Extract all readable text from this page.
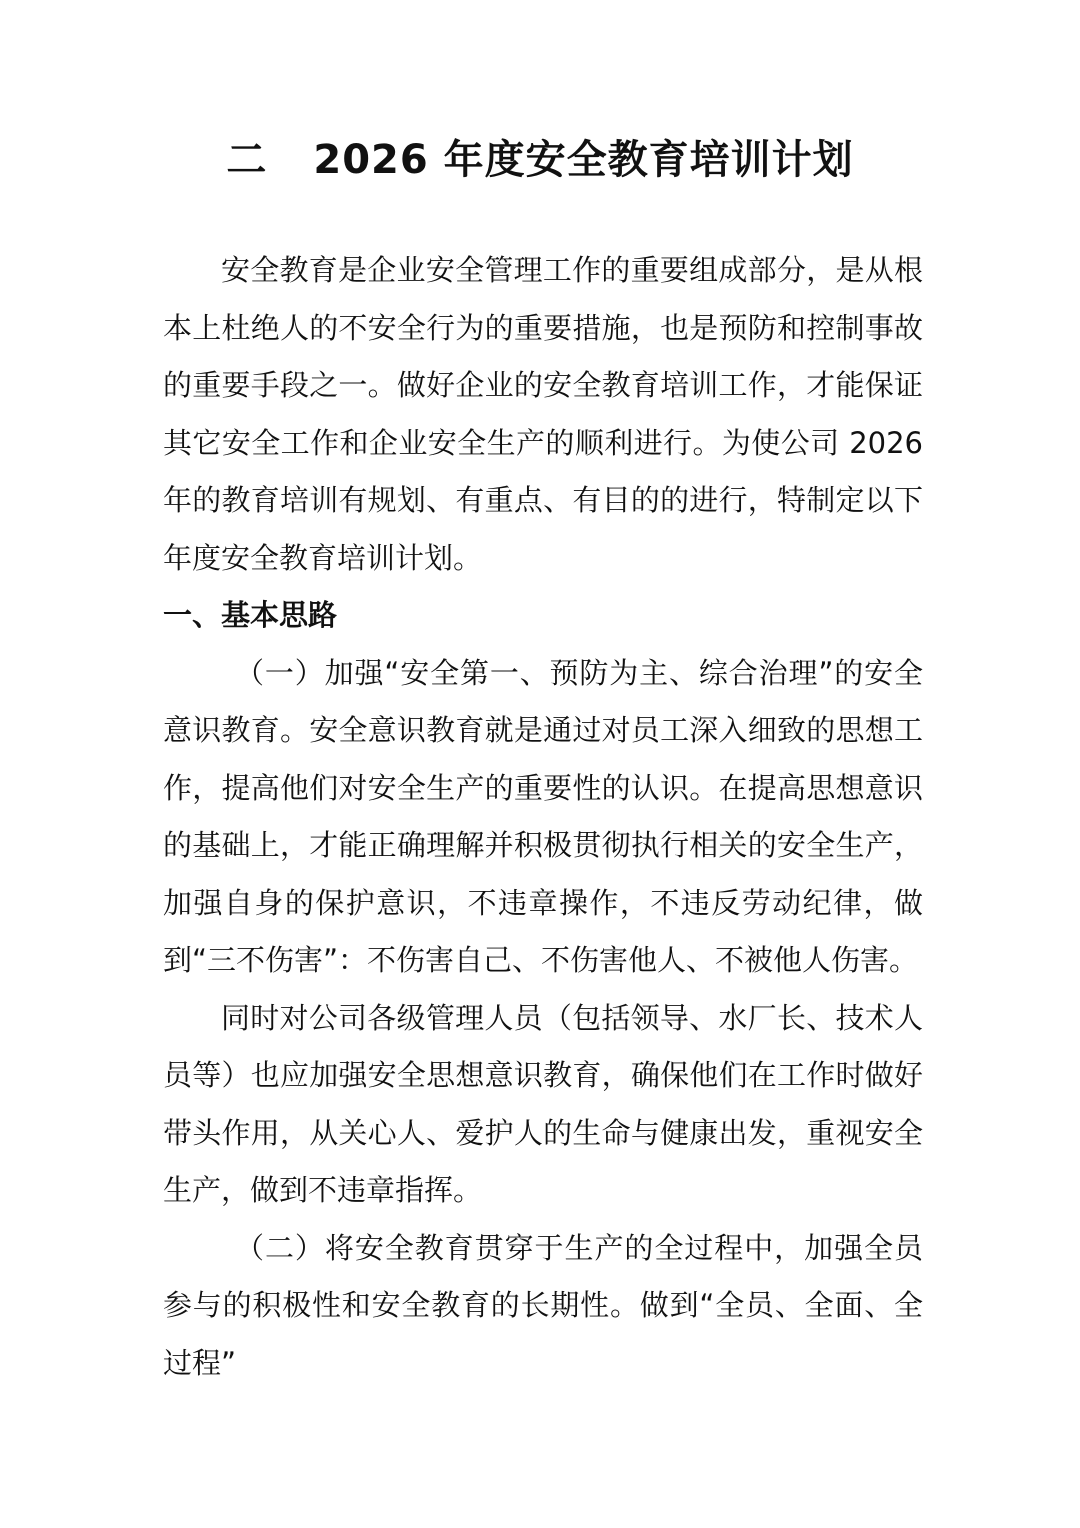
二 2026 年度安全教育培训计划

安全教育是企业安全管理工作的重要组成部分，是从根本上杜绝人的不安全行为的重要措施，也是预防和控制事故的重要手段之一。做好企业的安全教育培训工作，才能保证其它安全工作和企业安全生产的顺利进行。为使公司 2026 年的教育培训有规划、有重点、有目的的进行，特制定以下年度安全教育培训计划。

一、基本思路

（一）加强“安全第一、预防为主、综合治理”的安全意识教育。安全意识教育就是通过对员工深入细致的思想工作，提高他们对安全生产的重要性的认识。在提高思想意识的基础上，才能正确理解并积极贯彻执行相关的安全生产，加强自身的保护意识，不违章操作，不违反劳动纪律，做到“三不伤害”：不伤害自己、不伤害他人、不被他人伤害。

同时对公司各级管理人员（包括领导、水厂长、技术人员等）也应加强安全思想意识教育，确保他们在工作时做好带头作用，从关心人、爱护人的生命与健康出发，重视安全生产，做到不违章指挥。

（二）将安全教育贯穿于生产的全过程中，加强全员参与的积极性和安全教育的长期性。做到“全员、全面、全过程”
